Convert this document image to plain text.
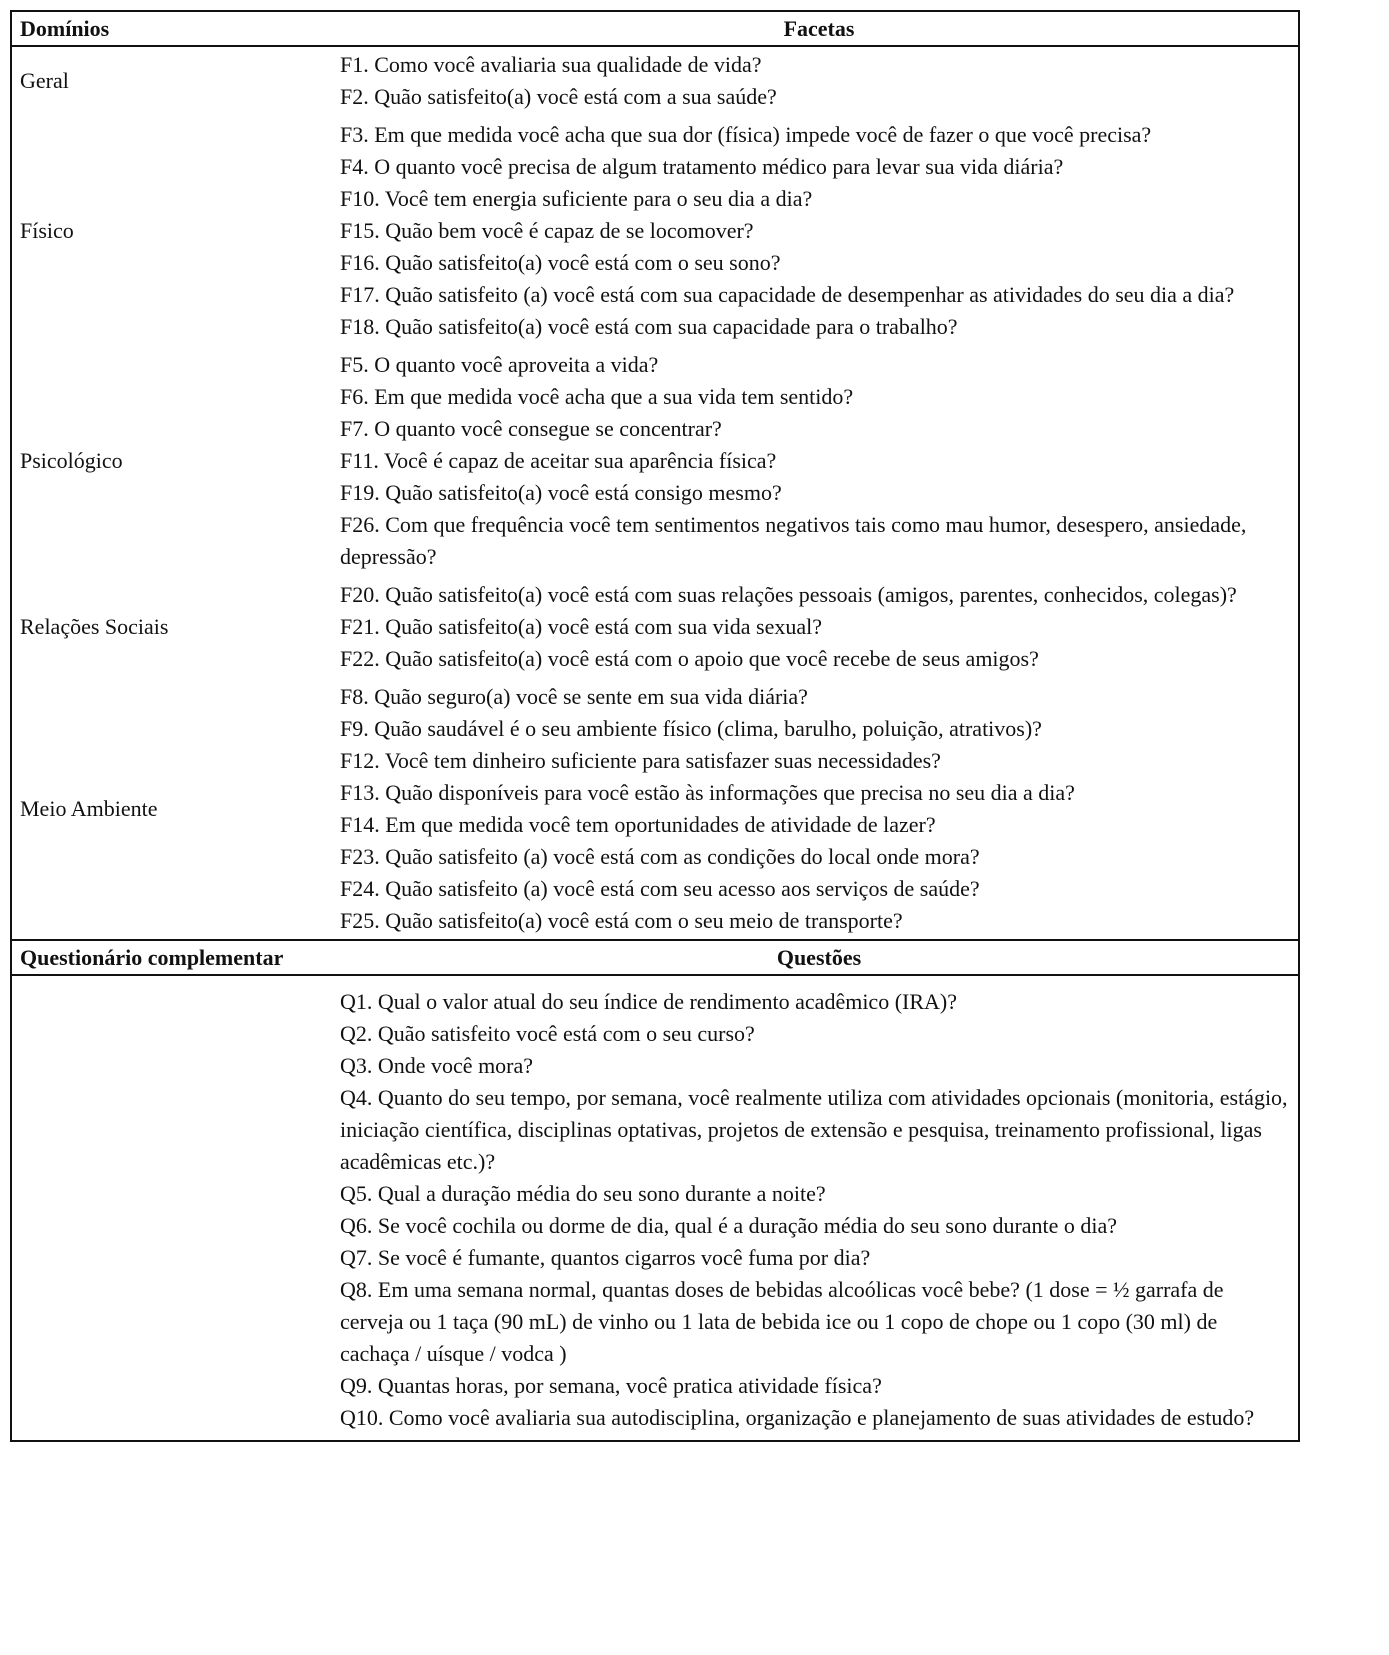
Domínios	Facetas
Geral
F1. Como você avaliaria sua qualidade de vida?
F2. Quão satisfeito(a) você está com a sua saúde?
Físico
F3. Em que medida você acha que sua dor (física) impede você de fazer o que você precisa?
F4. O quanto você precisa de algum tratamento médico para levar sua vida diária?
F10. Você tem energia suficiente para o seu dia a dia?
F15. Quão bem você é capaz de se locomover?
F16. Quão satisfeito(a) você está com o seu sono?
F17. Quão satisfeito (a) você está com sua capacidade de desempenhar as atividades do seu dia a dia?
F18. Quão satisfeito(a) você está com sua capacidade para o trabalho?
Psicológico
F5. O quanto você aproveita a vida?
F6. Em que medida você acha que a sua vida tem sentido?
F7. O quanto você consegue se concentrar?
F11. Você é capaz de aceitar sua aparência física?
F19. Quão satisfeito(a) você está consigo mesmo?
F26. Com que frequência você tem sentimentos negativos tais como mau humor, desespero, ansiedade, depressão?
Relações Sociais
F20. Quão satisfeito(a) você está com suas relações pessoais (amigos, parentes, conhecidos, colegas)?
F21. Quão satisfeito(a) você está com sua vida sexual?
F22. Quão satisfeito(a) você está com o apoio que você recebe de seus amigos?
Meio Ambiente
F8. Quão seguro(a) você se sente em sua vida diária?
F9. Quão saudável é o seu ambiente físico (clima, barulho, poluição, atrativos)?
F12. Você tem dinheiro suficiente para satisfazer suas necessidades?
F13. Quão disponíveis para você estão às informações que precisa no seu dia a dia?
F14. Em que medida você tem oportunidades de atividade de lazer?
F23. Quão satisfeito (a) você está com as condições do local onde mora?
F24. Quão satisfeito (a) você está com seu acesso aos serviços de saúde?
F25. Quão satisfeito(a) você está com o seu meio de transporte?
Questionário complementar	Questões
Q1. Qual o valor atual do seu índice de rendimento acadêmico (IRA)?
Q2. Quão satisfeito você está com o seu curso?
Q3. Onde você mora?
Q4. Quanto do seu tempo, por semana, você realmente utiliza com atividades opcionais (monitoria, estágio, iniciação científica, disciplinas optativas, projetos de extensão e pesquisa, treinamento profissional, ligas acadêmicas etc.)?
Q5. Qual a duração média do seu sono durante a noite?
Q6. Se você cochila ou dorme de dia, qual é a duração média do seu sono durante o dia?
Q7. Se você é fumante, quantos cigarros você fuma por dia?
Q8. Em uma semana normal, quantas doses de bebidas alcoólicas você bebe? (1 dose = ½ garrafa de cerveja ou 1 taça (90 mL) de vinho ou 1 lata de bebida ice ou 1 copo de chope ou 1 copo (30 ml) de cachaça / uísque / vodca )
Q9. Quantas horas, por semana, você pratica atividade física?
Q10. Como você avaliaria sua autodisciplina, organização e planejamento de suas atividades de estudo?
